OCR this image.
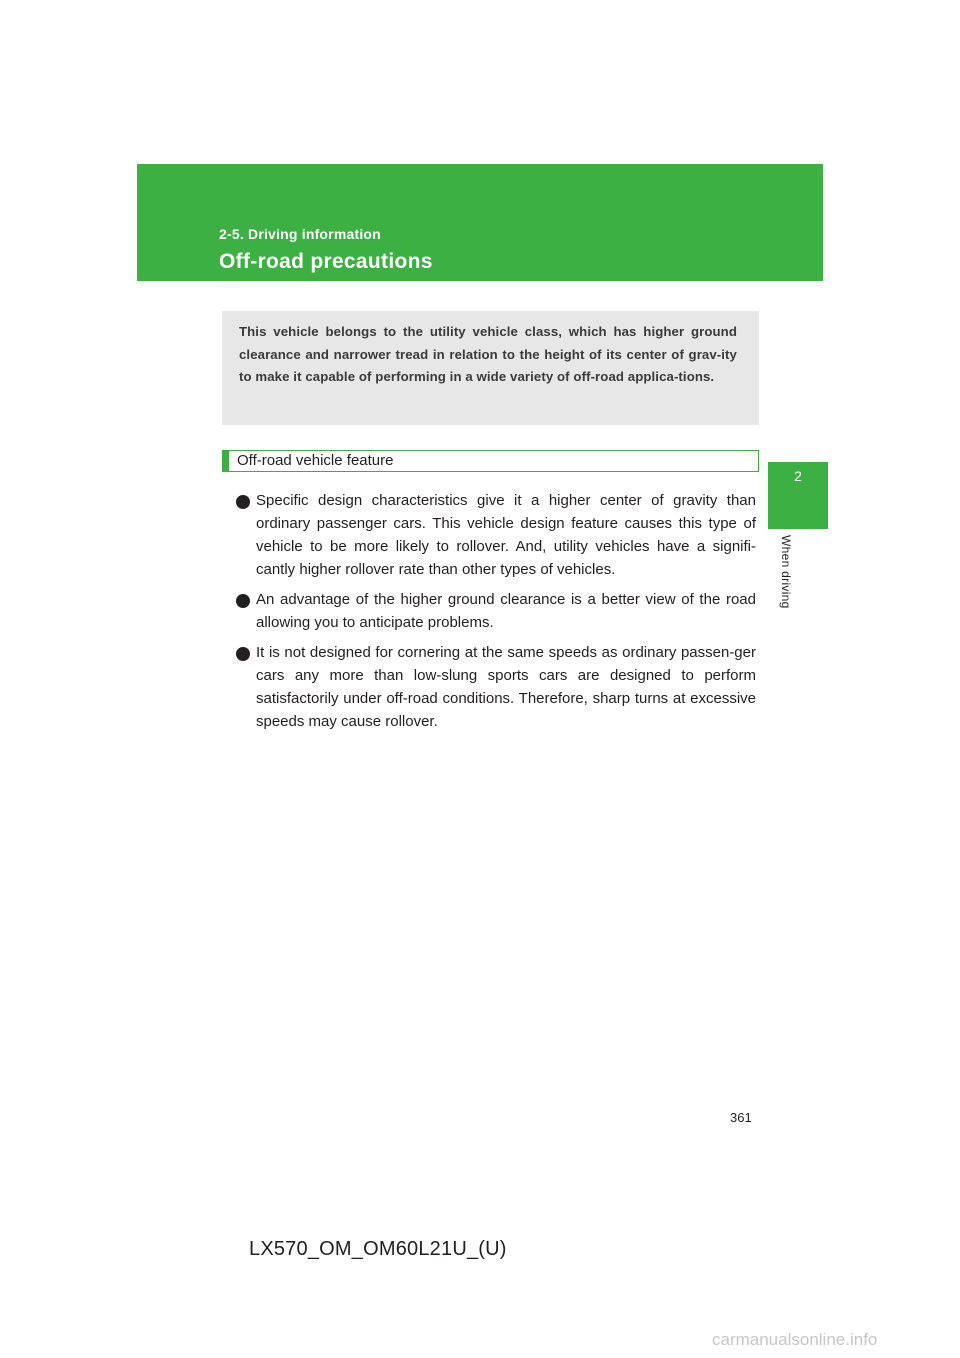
2-5. Driving information
Off-road precautions
2
When driving
This vehicle belongs to the utility vehicle class, which has higher ground clearance and narrower tread in relation to the height of its center of grav-ity to make it capable of performing in a wide variety of off-road applica-tions.
Off-road vehicle feature
Specific design characteristics give it a higher center of gravity than ordinary passenger cars. This vehicle design feature causes this type of vehicle to be more likely to rollover. And, utility vehicles have a signifi-cantly higher rollover rate than other types of vehicles.
An advantage of the higher ground clearance is a better view of the road allowing you to anticipate problems.
It is not designed for cornering at the same speeds as ordinary passen-ger cars any more than low-slung sports cars are designed to perform satisfactorily under off-road conditions. Therefore, sharp turns at excessive speeds may cause rollover.
361
LX570_OM_OM60L21U_(U)
carmanualsonline.info
